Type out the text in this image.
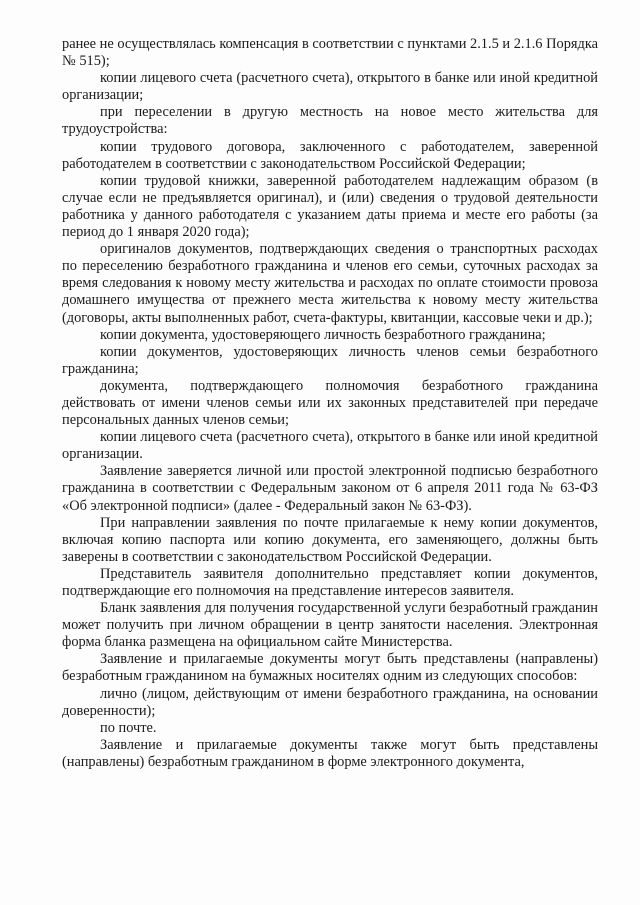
ранее не осуществлялась компенсация в соответствии с пунктами 2.1.5 и 2.1.6 Порядка № 515);

копии лицевого счета (расчетного счета), открытого в банке или иной кредитной организации;

при переселении в другую местность на новое место жительства для трудоустройства:

копии трудового договора, заключенного с работодателем, заверенной работодателем в соответствии с законодательством Российской Федерации;

копии трудовой книжки, заверенной работодателем надлежащим образом (в случае если не предъявляется оригинал), и (или) сведения о трудовой деятельности работника у данного работодателя с указанием даты приема и месте его работы (за период до 1 января 2020 года);

оригиналов документов, подтверждающих сведения о транспортных расходах по переселению безработного гражданина и членов его семьи, суточных расходах за время следования к новому месту жительства и расходах по оплате стоимости провоза домашнего имущества от прежнего места жительства к новому месту жительства (договоры, акты выполненных работ, счета-фактуры, квитанции, кассовые чеки и др.);

копии документа, удостоверяющего личность безработного гражданина;

копии документов, удостоверяющих личность членов семьи безработного гражданина;

документа, подтверждающего полномочия безработного гражданина действовать от имени членов семьи или их законных представителей при передаче персональных данных членов семьи;

копии лицевого счета (расчетного счета), открытого в банке или иной кредитной организации.

Заявление заверяется личной или простой электронной подписью безработного гражданина в соответствии с Федеральным законом от 6 апреля 2011 года № 63-ФЗ «Об электронной подписи» (далее - Федеральный закон № 63-ФЗ).

При направлении заявления по почте прилагаемые к нему копии документов, включая копию паспорта или копию документа, его заменяющего, должны быть заверены в соответствии с законодательством Российской Федерации.

Представитель заявителя дополнительно представляет копии документов, подтверждающие его полномочия на представление интересов заявителя.

Бланк заявления для получения государственной услуги безработный гражданин может получить при личном обращении в центр занятости населения. Электронная форма бланка размещена на официальном сайте Министерства.

Заявление и прилагаемые документы могут быть представлены (направлены) безработным гражданином на бумажных носителях одним из следующих способов:

лично (лицом, действующим от имени безработного гражданина, на основании доверенности);

по почте.

Заявление и прилагаемые документы также могут быть представлены (направлены) безработным гражданином в форме электронного документа,
